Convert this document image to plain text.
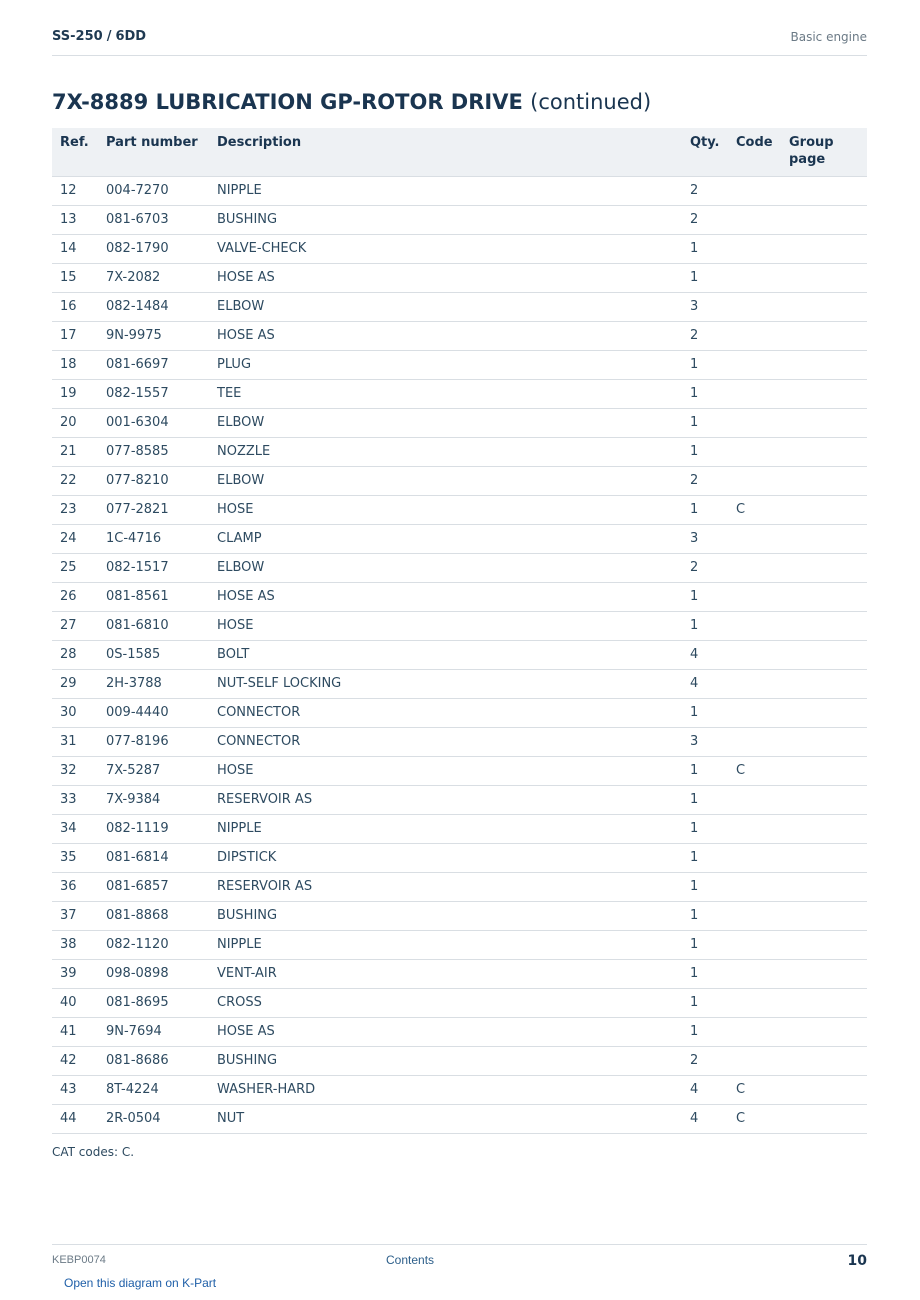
SS-250 / 6DD	Basic engine
7X-8889 LUBRICATION GP-ROTOR DRIVE (continued)
Ref.	Part number	Description	Qty.	Code	Group page
12	004-7270	NIPPLE	2		
13	081-6703	BUSHING	2		
14	082-1790	VALVE-CHECK	1		
15	7X-2082	HOSE AS	1		
16	082-1484	ELBOW	3		
17	9N-9975	HOSE AS	2		
18	081-6697	PLUG	1		
19	082-1557	TEE	1		
20	001-6304	ELBOW	1		
21	077-8585	NOZZLE	1		
22	077-8210	ELBOW	2		
23	077-2821	HOSE	1	C	
24	1C-4716	CLAMP	3		
25	082-1517	ELBOW	2		
26	081-8561	HOSE AS	1		
27	081-6810	HOSE	1		
28	0S-1585	BOLT	4		
29	2H-3788	NUT-SELF LOCKING	4		
30	009-4440	CONNECTOR	1		
31	077-8196	CONNECTOR	3		
32	7X-5287	HOSE	1	C	
33	7X-9384	RESERVOIR AS	1		
34	082-1119	NIPPLE	1		
35	081-6814	DIPSTICK	1		
36	081-6857	RESERVOIR AS	1		
37	081-8868	BUSHING	1		
38	082-1120	NIPPLE	1		
39	098-0898	VENT-AIR	1		
40	081-8695	CROSS	1		
41	9N-7694	HOSE AS	1		
42	081-8686	BUSHING	2		
43	8T-4224	WASHER-HARD	4	C	
44	2R-0504	NUT	4	C	
CAT codes: C.
KEBP0074	Contents	10
Open this diagram on K-Part
